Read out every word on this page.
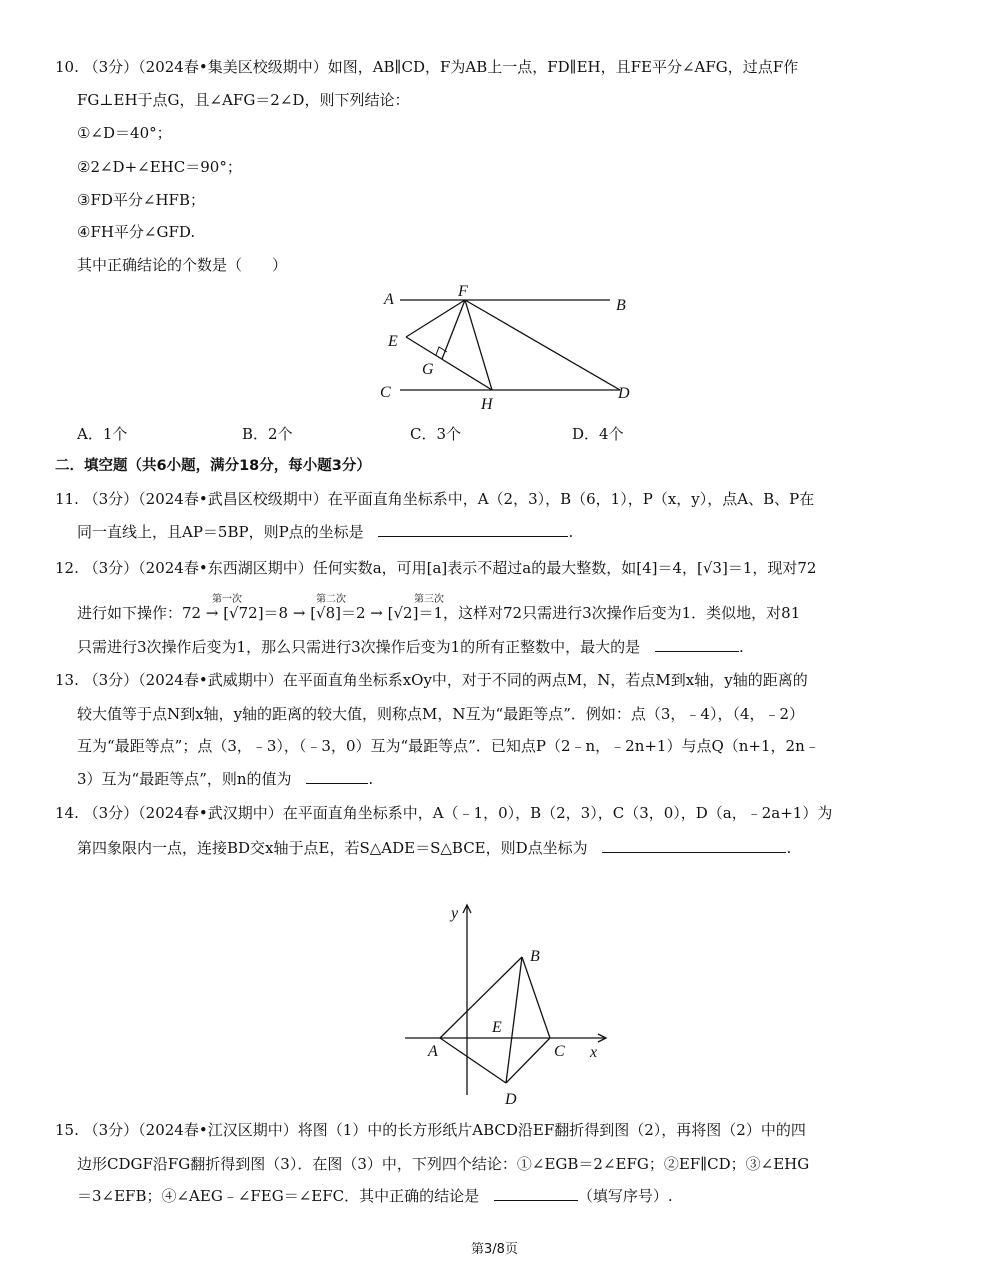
10. （3分）（2024春•集美区校级期中）如图，AB∥CD，F为AB上一点，FD∥EH，且FE平分∠AFG，过点F作
FG⊥EH于点G，且∠AFG＝2∠D，则下列结论：
①∠D＝40°；
②2∠D+∠EHC＝90°；
③FD平分∠HFB；
④FH平分∠GFD.
其中正确结论的个数是（　　）
A	F
B
E
G
C
H
D
A．1个	B．2个	C．3个	D．4个
二．填空题（共6小题，满分18分，每小题3分）
11. （3分）（2024春•武昌区校级期中）在平面直角坐标系中，A（2，3），B（6，1），P（x，y），点A、B、P在
同一直线上，且AP＝5BP，则P点的坐标是	.
12. （3分）（2024春•东西湖区期中）任何实数a，可用[a]表示不超过a的最大整数，如[4]＝4，[√3]＝1，现对72
第一次	第二次	第三次
进行如下操作：72 → [√72]＝8 → [√8]＝2 → [√2]＝1，这样对72只需进行3次操作后变为1．类似地，对81
只需进行3次操作后变为1，那么只需进行3次操作后变为1的所有正整数中，最大的是	.
13. （3分）（2024春•武威期中）在平面直角坐标系xOy中，对于不同的两点M，N，若点M到x轴，y轴的距离的
较大值等于点N到x轴，y轴的距离的较大值，则称点M，N互为“最距等点”．例如：点（3，﹣4），（4，﹣2）
互为“最距等点”；点（3，﹣3），（﹣3，0）互为“最距等点”．已知点P（2﹣n，﹣2n+1）与点Q（n+1，2n﹣
3）互为“最距等点”，则n的值为	.
14. （3分）（2024春•武汉期中）在平面直角坐标系中，A（﹣1，0），B（2，3），C（3，0），D（a，﹣2a+1）为
第四象限内一点，连接BD交x轴于点E，若S△ADE＝S△BCE，则D点坐标为	.
y
x
A
B
C
D
E
15. （3分）（2024春•江汉区期中）将图（1）中的长方形纸片ABCD沿EF翻折得到图（2），再将图（2）中的四
边形CDGF沿FG翻折得到图（3）．在图（3）中，下列四个结论：①∠EGB＝2∠EFG；②EF∥CD；③∠EHG
＝3∠EFB；④∠AEG﹣∠FEG＝∠EFC．其中正确的结论是	（填写序号）.
第3/8页
